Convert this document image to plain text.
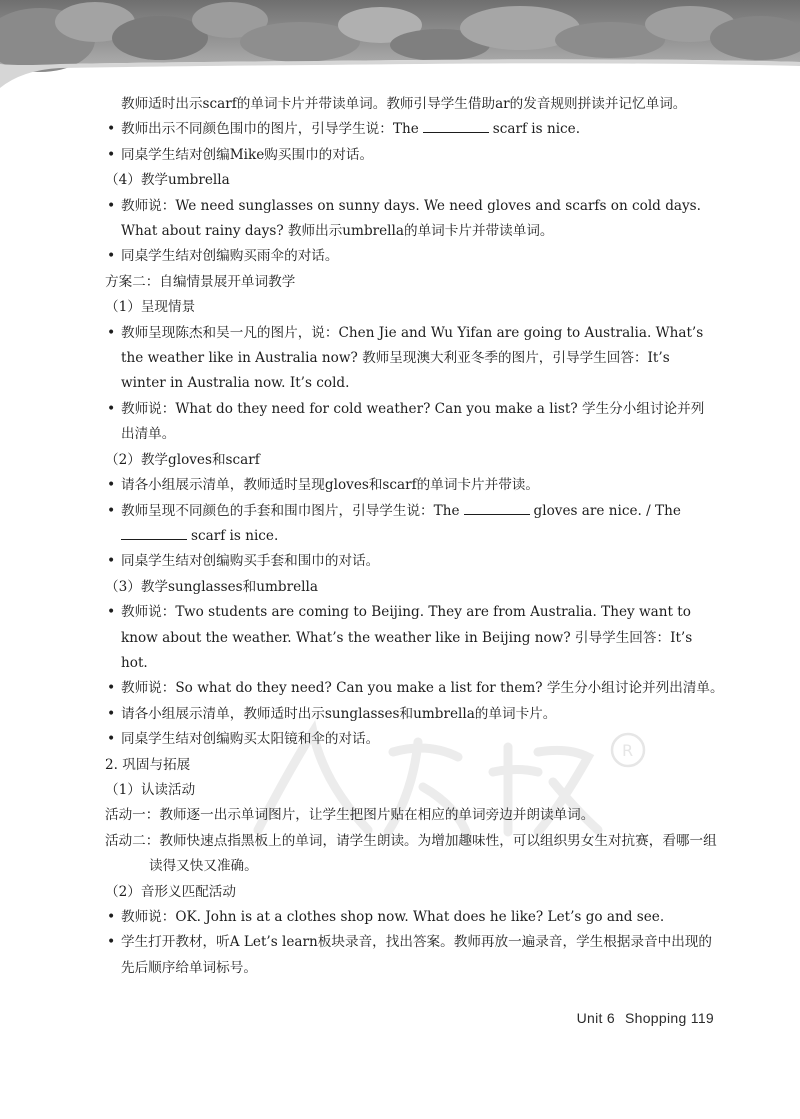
R

教师适时出示scarf的单词卡片并带读单词。教师引导学生借助ar的发音规则拼读并记忆单词。

• 教师出示不同颜色围巾的图片，引导学生说：The	scarf is nice.

• 同桌学生结对创编Mike购买围巾的对话。

（4）教学umbrella

• 教师说：We need sunglasses on sunny days. We need gloves and scarfs on cold days. What about rainy days? 教师出示umbrella的单词卡片并带读单词。

• 同桌学生结对创编购买雨伞的对话。

方案二：自编情景展开单词教学

（1）呈现情景

• 教师呈现陈杰和吴一凡的图片，说：Chen Jie and Wu Yifan are going to Australia. What’s the weather like in Australia now? 教师呈现澳大利亚冬季的图片，引导学生回答：It’s winter in Australia now. It’s cold.

• 教师说：What do they need for cold weather? Can you make a list? 学生分小组讨论并列出清单。

（2）教学gloves和scarf

• 请各小组展示清单，教师适时呈现gloves和scarf的单词卡片并带读。

• 教师呈现不同颜色的手套和围巾图片，引导学生说：The	gloves are nice. / The
scarf is nice.

• 同桌学生结对创编购买手套和围巾的对话。

（3）教学sunglasses和umbrella

• 教师说：Two students are coming to Beijing. They are from Australia. They want to know about the weather. What’s the weather like in Beijing now? 引导学生回答：It’s hot.

• 教师说：So what do they need? Can you make a list for them? 学生分小组讨论并列出清单。

• 请各小组展示清单，教师适时出示sunglasses和umbrella的单词卡片。

• 同桌学生结对创编购买太阳镜和伞的对话。

2. 巩固与拓展

（1）认读活动

活动一：教师逐一出示单词图片，让学生把图片贴在相应的单词旁边并朗读单词。

活动二：教师快速点指黑板上的单词，请学生朗读。为增加趣味性，可以组织男女生对抗赛，看哪一组读得又快又准确。

（2）音形义匹配活动

• 教师说：OK. John is at a clothes shop now. What does he like? Let’s go and see.

• 学生打开教材，听A Let’s learn板块录音，找出答案。教师再放一遍录音，学生根据录音中出现的先后顺序给单词标号。

Unit 6 Shopping 119
